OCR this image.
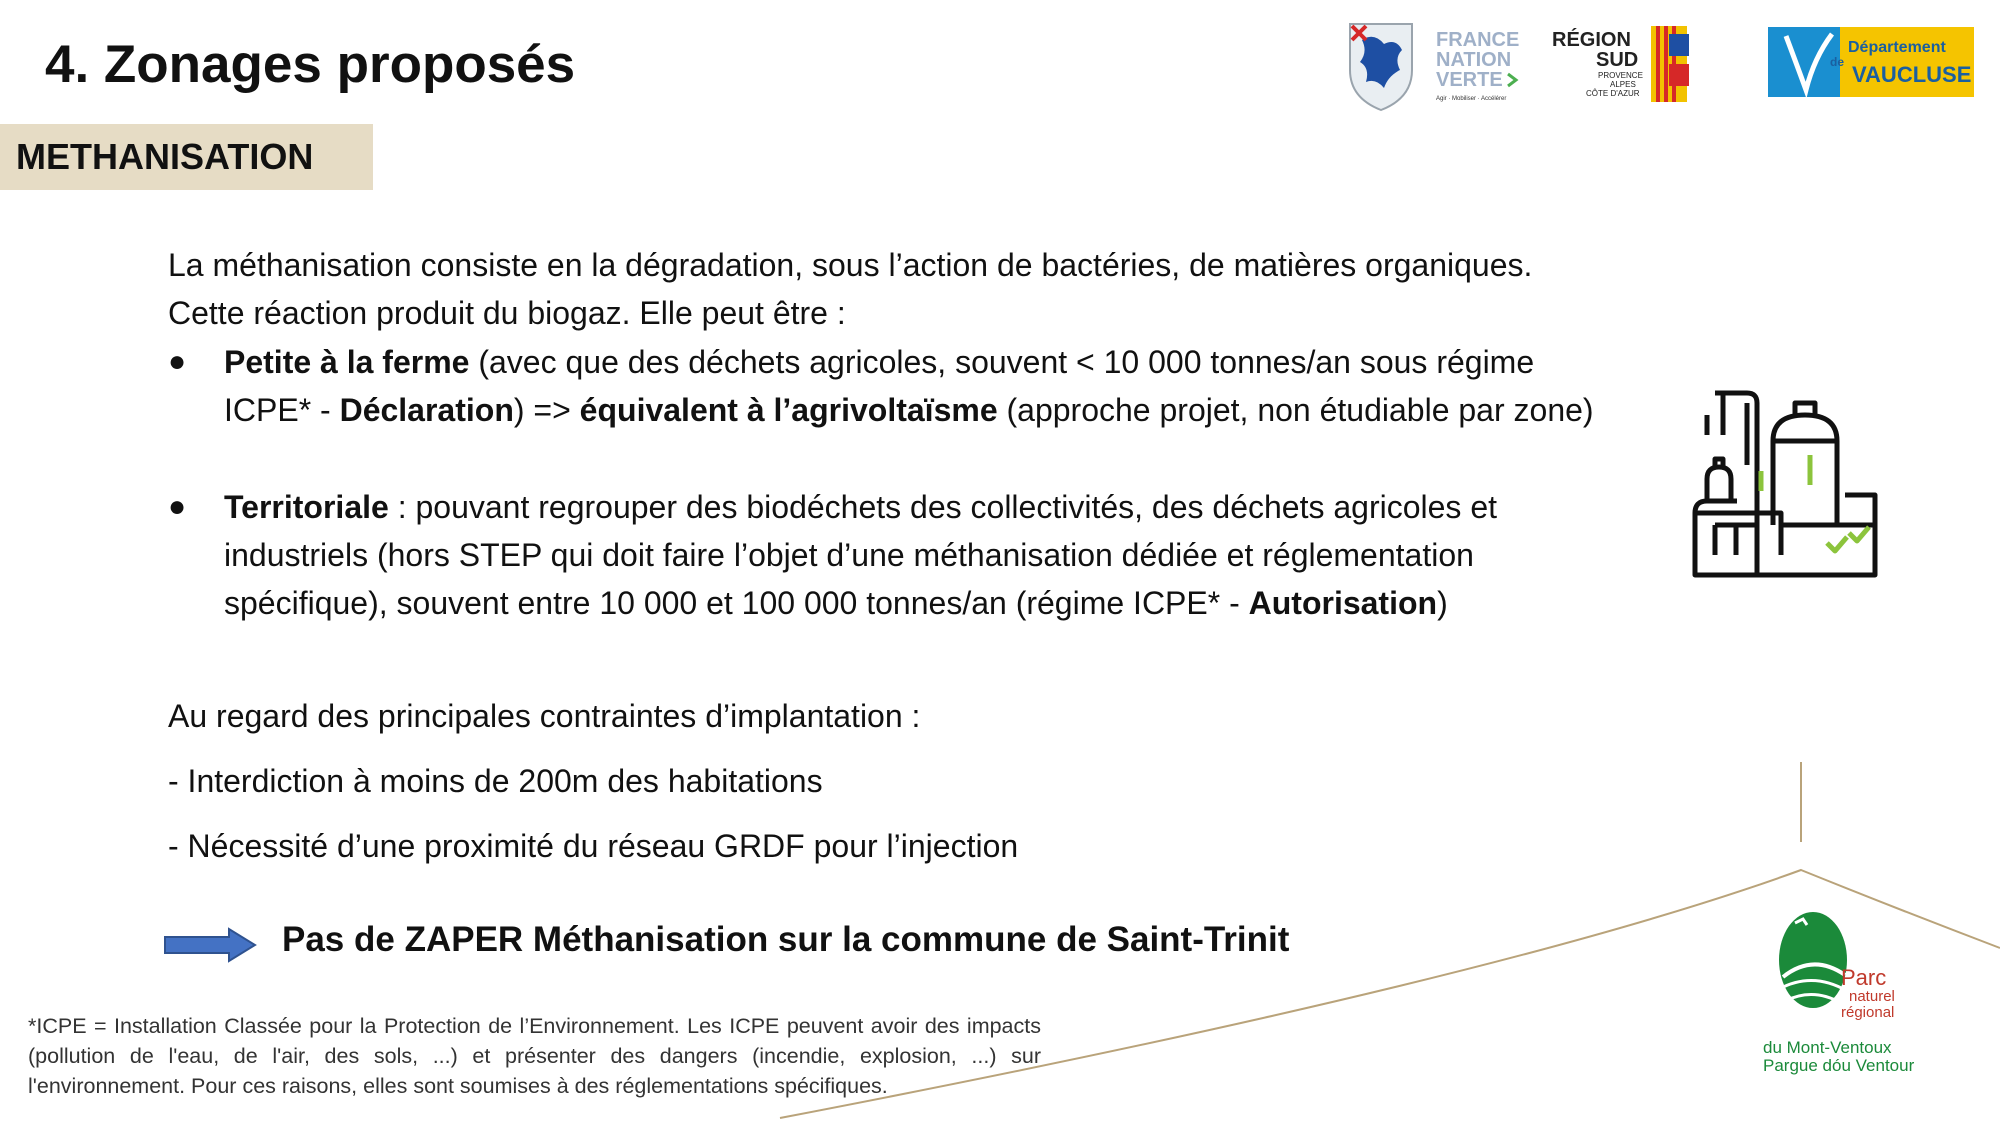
4. Zonages proposés
METHANISATION
FRANCE
NATION
VERTE
Agir · Mobiliser · Accélérer
RÉGION
SUD
PROVENCE
ALPES
CÔTE D'AZUR
Département
de VAUCLUSE
La méthanisation consiste en la dégradation, sous l’action de bactéries, de matières organiques.
Cette réaction produit du biogaz. Elle peut être :
●	Petite à la ferme (avec que des déchets agricoles, souvent < 10 000 tonnes/an sous régime
ICPE* - Déclaration) => équivalent à l’agrivoltaïsme (approche projet, non étudiable par zone)
●	Territoriale : pouvant regrouper des biodéchets des collectivités, des déchets agricoles et
industriels (hors STEP qui doit faire l’objet d’une méthanisation dédiée et réglementation
spécifique), souvent entre 10 000 et 100 000 tonnes/an (régime ICPE* - Autorisation)
Au regard des principales contraintes d’implantation :
- Interdiction à moins de 200m des habitations
- Nécessité d’une proximité du réseau GRDF pour l’injection
Pas de ZAPER Méthanisation sur la commune de Saint-Trinit
Parc
naturel
régional
du Mont-Ventoux
Pargue dóu Ventour
*ICPE = Installation Classée pour la Protection de l’Environnement. Les ICPE peuvent avoir des impacts (pollution de l'eau, de l'air, des sols, ...) et présenter des dangers (incendie, explosion, ...) sur l'environnement. Pour ces raisons, elles sont soumises à des réglementations spécifiques.
